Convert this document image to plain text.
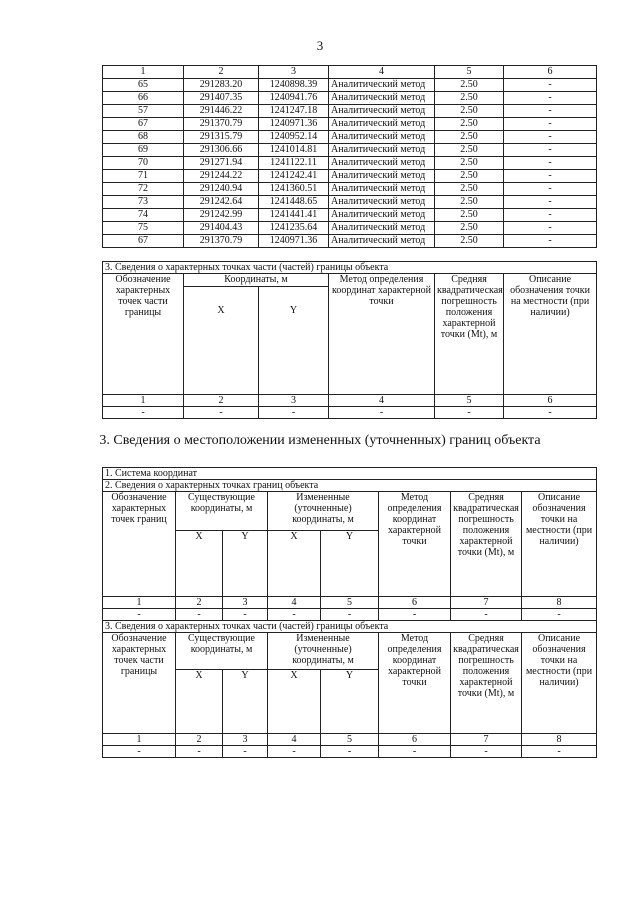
3
1	2	3	4	5	6
65	291283.20	1240898.39	Аналитический метод	2.50	-
66	291407.35	1240941.76	Аналитический метод	2.50	-
57	291446.22	1241247.18	Аналитический метод	2.50	-
67	291370.79	1240971.36	Аналитический метод	2.50	-
68	291315.79	1240952.14	Аналитический метод	2.50	-
69	291306.66	1241014.81	Аналитический метод	2.50	-
70	291271.94	1241122.11	Аналитический метод	2.50	-
71	291244.22	1241242.41	Аналитический метод	2.50	-
72	291240.94	1241360.51	Аналитический метод	2.50	-
73	291242.64	1241448.65	Аналитический метод	2.50	-
74	291242.99	1241441.41	Аналитический метод	2.50	-
75	291404.43	1241235.64	Аналитический метод	2.50	-
67	291370.79	1240971.36	Аналитический метод	2.50	-
3. Сведения о характерных точках части (частей) границы объекта					
Обозначение характерных точек части границы	Координаты, м		Метод определения координат характерной точки	Средняя квадратическая погрешность положения характерной точки (Mt), м	Описание обозначения точки на местности (при наличии)
	X	Y			
1	2	3	4	5	6
-	-	-	-	-	-
3. Сведения о местоположении измененных (уточненных) границ объекта
1. Система координат							
2. Сведения о характерных точках границ объекта							
Обозначение характерных точек границ	Существующие координаты, м		Измененные (уточненные) координаты, м		Метод определения координат характерной точки	Средняя квадратическая погрешность положения характерной точки (Mt), м	Описание обозначения точки на местности (при наличии)
	X	Y	X	Y			
1	2	3	4	5	6	7	8
-	-	-	-	-	-	-	-
3. Сведения о характерных точках части (частей) границы объекта							
Обозначение характерных точек части границы	Существующие координаты, м		Измененные (уточненные) координаты, м		Метод определения координат характерной точки	Средняя квадратическая погрешность положения характерной точки (Mt), м	Описание обозначения точки на местности (при наличии)
	X	Y	X	Y			
1	2	3	4	5	6	7	8
-	-	-	-	-	-	-	-
